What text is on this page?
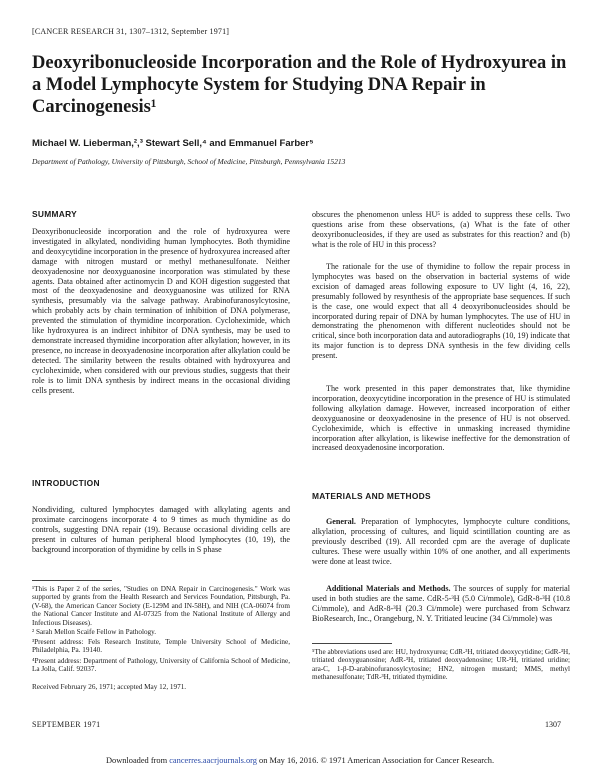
[CANCER RESEARCH 31, 1307–1312, September 1971]
Deoxyribonucleoside Incorporation and the Role of Hydroxyurea in a Model Lymphocyte System for Studying DNA Repair in Carcinogenesis¹
Michael W. Lieberman,²,³ Stewart Sell,⁴ and Emmanuel Farber⁵
Department of Pathology, University of Pittsburgh, School of Medicine, Pittsburgh, Pennsylvania 15213
SUMMARY

Deoxyribonucleoside incorporation and the role of hydroxyurea were investigated in alkylated, nondividing human lymphocytes. Both thymidine and deoxycytidine incorporation in the presence of hydroxyurea increased after damage with nitrogen mustard or methyl methanesulfonate. Neither deoxyadenosine nor deoxyguanosine incorporation was stimulated by these agents. Data obtained after actinomycin D and KOH digestion suggested that most of the deoxyadenosine and deoxyguanosine was utilized for RNA synthesis, presumably via the salvage pathway. Arabinofuranosylcytosine, which probably acts by chain termination of inhibition of DNA polymerase, prevented the stimulation of thymidine incorporation. Cycloheximide, which like hydroxyurea is an indirect inhibitor of DNA synthesis, may be used to demonstrate increased thymidine incorporation after alkylation; however, in its presence, no increase in deoxyadenosine incorporation after alkylation could be detected. The similarity between the results obtained with hydroxyurea and cycloheximide, when considered with our previous studies, suggests that their role is to limit DNA synthesis by indirect means in the occasional dividing cells present.

INTRODUCTION

Nondividing, cultured lymphocytes damaged with alkylating agents and proximate carcinogens incorporate 4 to 9 times as much thymidine as do controls, suggesting DNA repair (19). Because occasional dividing cells are present in cultures of human peripheral blood lymphocytes (10, 19), the background incorporation of thymidine by cells in S phase

¹This is Paper 2 of the series, "Studies on DNA Repair in Carcinogenesis." Work was supported by grants from the Health Research and Services Foundation, Pittsburgh, Pa. (V-68), the American Cancer Society (E-129M and IN-58H), and NIH (CA-06074 from the National Cancer Institute and AI-07325 from the National Institute of Allergy and Infectious Diseases).

² Sarah Mellon Scaife Fellow in Pathology.

³Present address: Fels Research Institute, Temple University School of Medicine, Philadelphia, Pa. 19140.

⁴Present address: Department of Pathology, University of California School of Medicine, La Jolla, Calif. 92037.

Received February 26, 1971; accepted May 12, 1971.

obscures the phenomenon unless HU⁵ is added to suppress these cells. Two questions arise from these observations, (a) What is the fate of other deoxyribonucleosides, if they are used as substrates for this reaction? and (b) what is the role of HU in this process?

The rationale for the use of thymidine to follow the repair process in lymphocytes was based on the observation in bacterial systems of wide excision of damaged areas following exposure to UV light (4, 16, 22), presumably followed by resynthesis of the appropriate base sequences. If such is the case, one would expect that all 4 deoxyribonucleosides should be incorporated during repair of DNA by human lymphocytes. The use of HU in demonstrating the phenomenon with different nucleotides should not be critical, since both incorporation data and autoradiographs (10, 19) indicate that its major function is to depress DNA synthesis in the few dividing cells present.

The work presented in this paper demonstrates that, like thymidine incorporation, deoxycytidine incorporation in the presence of HU is stimulated following alkylation damage. However, increased incorporation of either deoxyguanosine or deoxyadenosine in the presence of HU is not observed. Cycloheximide, which is effective in unmasking increased thymidine incorporation after alkylation, is likewise ineffective for the demonstration of increased deoxyadenosine incorporation.

MATERIALS AND METHODS

General. Preparation of lymphocytes, lymphocyte culture conditions, alkylation, processing of cultures, and liquid scintillation counting are as previously described (19). All recorded cpm are the average of duplicate cultures. These were usually within 10% of one another, and all experiments were done at least twice.

Additional Materials and Methods. The sources of supply for material used in both studies are the same. CdR-5-³H (5.0 Ci/mmole), GdR-8-³H (10.8 Ci/mmole), and AdR-8-³H (20.3 Ci/mmole) were purchased from Schwarz BioResearch, Inc., Orangeburg, N. Y. Tritiated leucine (34 Ci/mmole) was

⁵The abbreviations used are: HU, hydroxyurea; CdR-³H, tritiated deoxycytidine; GdR-³H, tritiated deoxyguanosine; AdR-³H, tritiated deoxyadenosine; UR-³H, tritiated uridine; ara-C, 1-β-D-arabinofuranosylcytosine; HN2, nitrogen mustard; MMS, methyl methanesulfonate; TdR-³H, tritiated thymidine.

SEPTEMBER 1971	1307
Downloaded from cancerres.aacrjournals.org on May 16, 2016. © 1971 American Association for Cancer Research.
